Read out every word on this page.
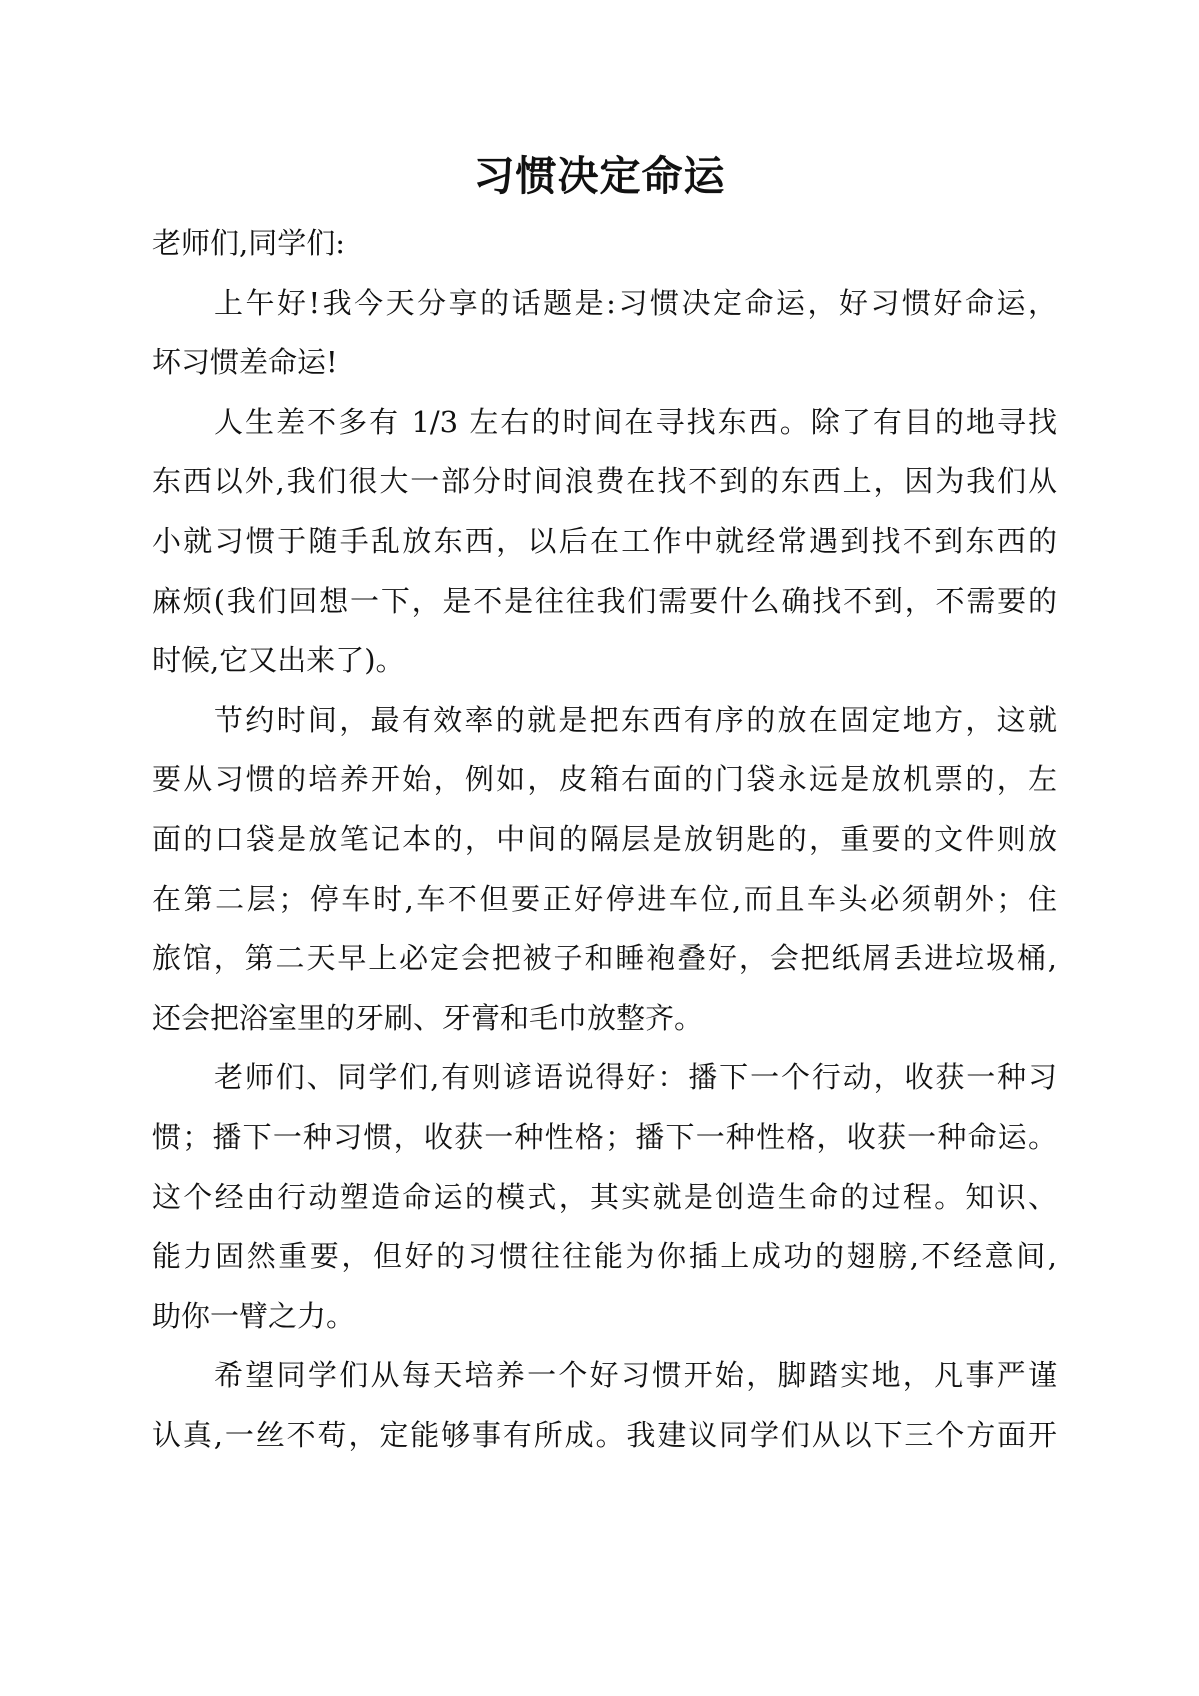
习惯决定命运
老师们,同学们:
上午好!我今天分享的话题是:习惯决定命运，好习惯好命运，
坏习惯差命运!
人生差不多有 1/3 左右的时间在寻找东西。除了有目的地寻找
东西以外,我们很大一部分时间浪费在找不到的东西上，因为我们从
小就习惯于随手乱放东西，以后在工作中就经常遇到找不到东西的
麻烦(我们回想一下，是不是往往我们需要什么确找不到，不需要的
时候,它又出来了)。
节约时间，最有效率的就是把东西有序的放在固定地方，这就
要从习惯的培养开始，例如，皮箱右面的门袋永远是放机票的，左
面的口袋是放笔记本的，中间的隔层是放钥匙的，重要的文件则放
在第二层；停车时,车不但要正好停进车位,而且车头必须朝外；住
旅馆，第二天早上必定会把被子和睡袍叠好，会把纸屑丢进垃圾桶,
还会把浴室里的牙刷、牙膏和毛巾放整齐。
老师们、同学们,有则谚语说得好：播下一个行动，收获一种习
惯；播下一种习惯，收获一种性格；播下一种性格，收获一种命运。
这个经由行动塑造命运的模式，其实就是创造生命的过程。知识、
能力固然重要，但好的习惯往往能为你插上成功的翅膀,不经意间,
助你一臂之力。
希望同学们从每天培养一个好习惯开始，脚踏实地，凡事严谨
认真,一丝不苟，定能够事有所成。我建议同学们从以下三个方面开
